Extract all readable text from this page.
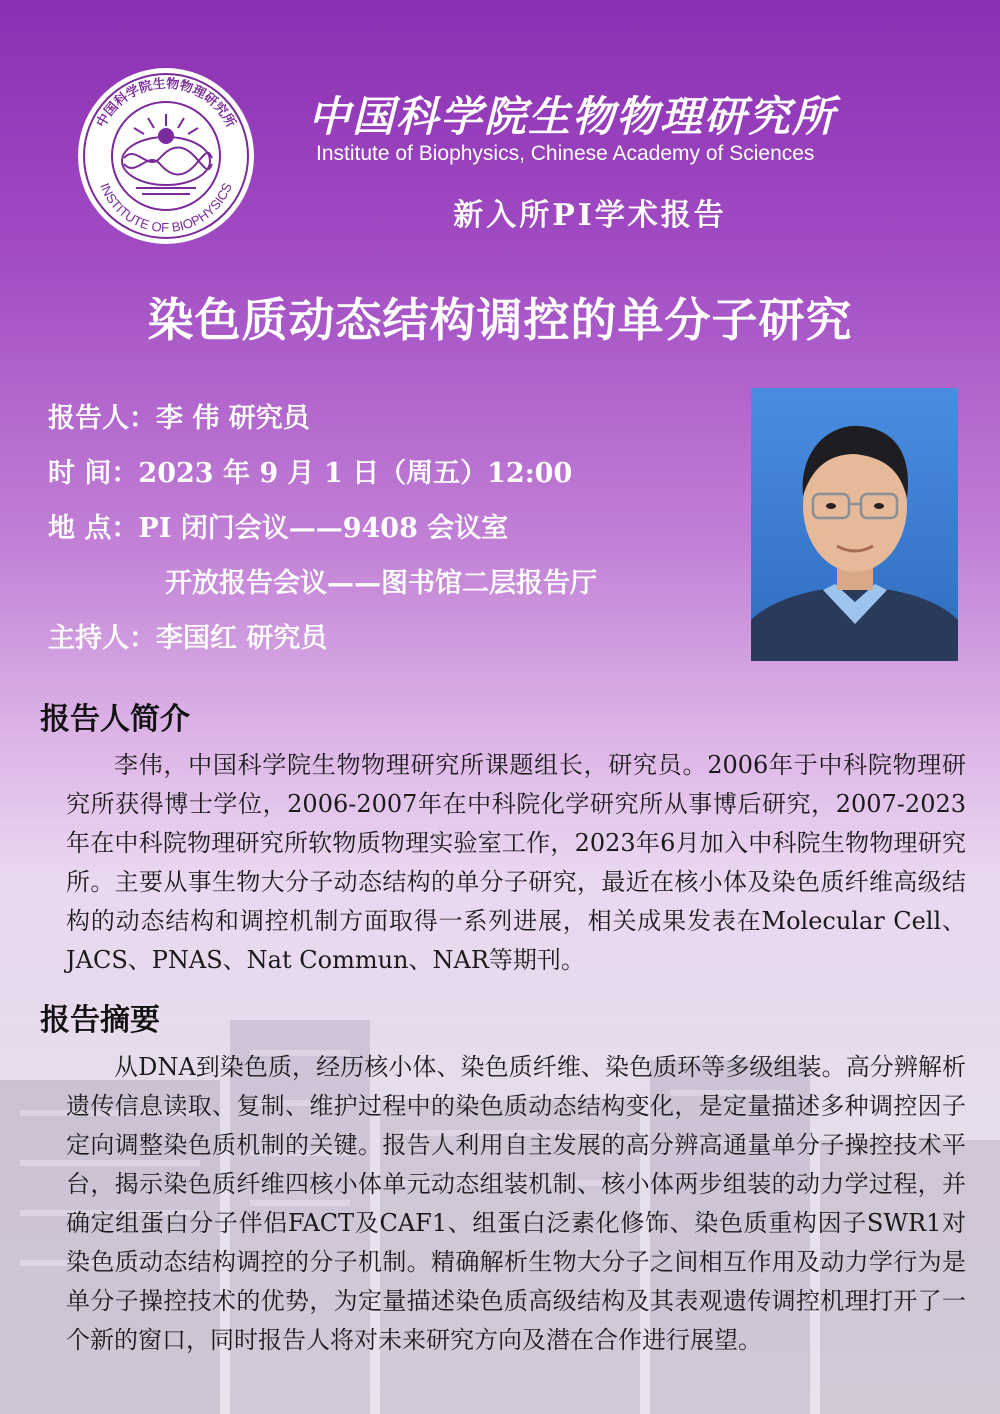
中国科学院生物物理研究所
INSTITUTE OF BIOPHYSICS
中国科学院生物物理研究所
Institute of Biophysics, Chinese Academy of Sciences
新入所PI学术报告
染色质动态结构调控的单分子研究
报告人：李 伟 研究员
时 间：2023 年 9 月 1 日（周五）12:00
地 点：PI 闭门会议——9408 会议室
开放报告会议——图书馆二层报告厅
主持人：李国红 研究员
报告人简介
李伟，中国科学院生物物理研究所课题组长，研究员。2006年于中科院物理研究所获得博士学位，2006-2007年在中科院化学研究所从事博后研究，2007-2023年在中科院物理研究所软物质物理实验室工作，2023年6月加入中科院生物物理研究所。主要从事生物大分子动态结构的单分子研究，最近在核小体及染色质纤维高级结构的动态结构和调控机制方面取得一系列进展，相关成果发表在Molecular Cell、JACS、PNAS、Nat Commun、NAR等期刊。
报告摘要
从DNA到染色质，经历核小体、染色质纤维、染色质环等多级组装。高分辨解析遗传信息读取、复制、维护过程中的染色质动态结构变化，是定量描述多种调控因子定向调整染色质机制的关键。报告人利用自主发展的高分辨高通量单分子操控技术平台，揭示染色质纤维四核小体单元动态组装机制、核小体两步组装的动力学过程，并确定组蛋白分子伴侣FACT及CAF1、组蛋白泛素化修饰、染色质重构因子SWR1对染色质动态结构调控的分子机制。精确解析生物大分子之间相互作用及动力学行为是单分子操控技术的优势，为定量描述染色质高级结构及其表观遗传调控机理打开了一个新的窗口，同时报告人将对未来研究方向及潜在合作进行展望。
